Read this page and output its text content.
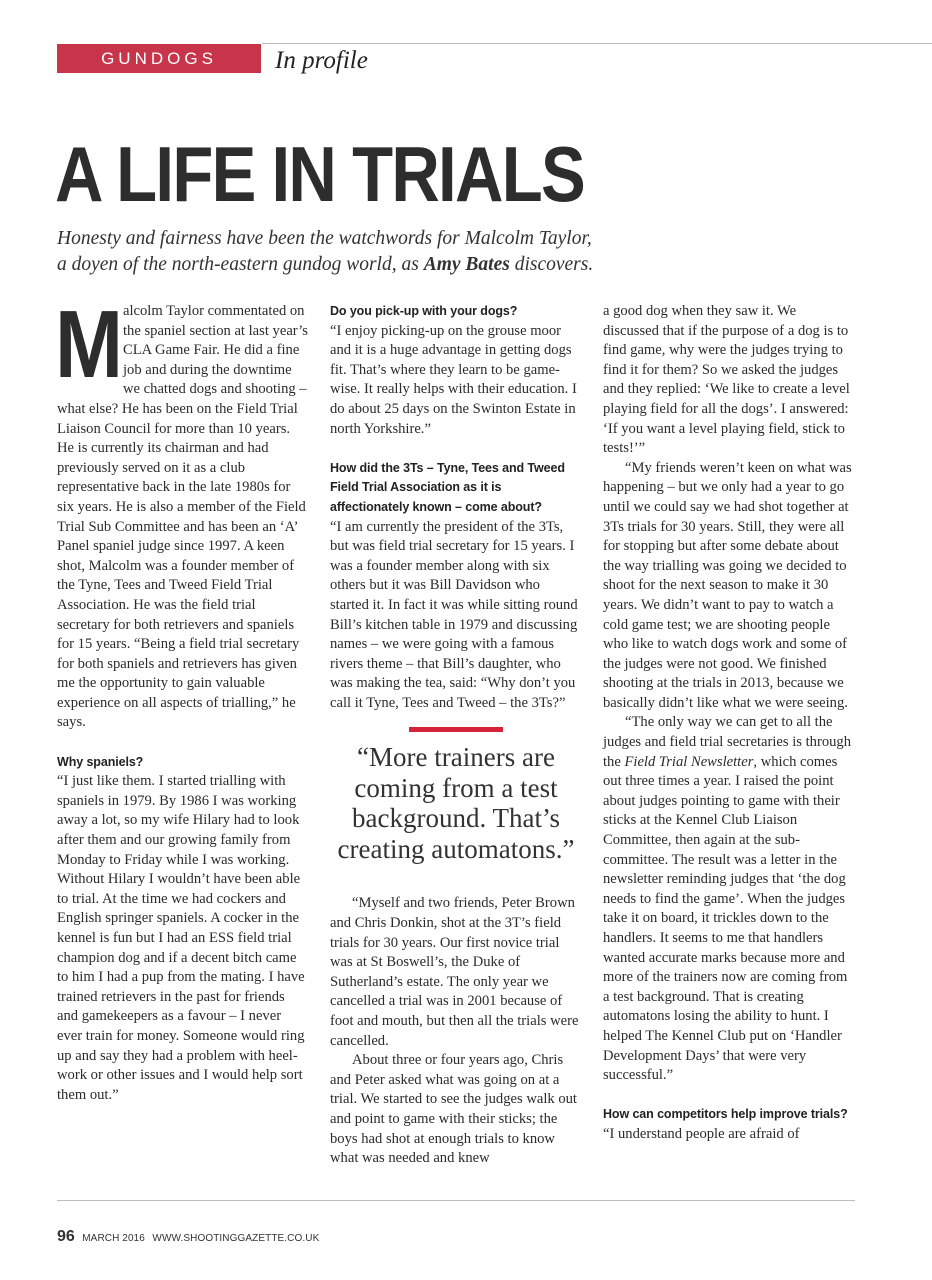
GUNDOGS	In profile
A LIFE IN TRIALS
Honesty and fairness have been the watchwords for Malcolm Taylor,
a doyen of the north-eastern gundog world, as Amy Bates discovers.
M alcolm Taylor commentated on the spaniel section at last year’s CLA Game Fair. He did a fine job and during the downtime we chatted dogs and shooting – what else? He has been on the Field Trial Liaison Council for more than 10 years. He is currently its chairman and had previously served on it as a club representative back in the late 1980s for six years. He is also a member of the Field Trial Sub Committee and has been an ‘A’ Panel spaniel judge since 1997. A keen shot, Malcolm was a founder member of the Tyne, Tees and Tweed Field Trial Association. He was the field trial secretary for both retrievers and spaniels for 15 years. “Being a field trial secretary for both spaniels and retrievers has given me the opportunity to gain valuable experience on all aspects of trialling,” he says.

Why spaniels?

“I just like them. I started trialling with spaniels in 1979. By 1986 I was working away a lot, so my wife Hilary had to look after them and our growing family from Monday to Friday while I was working. Without Hilary I wouldn’t have been able to trial. At the time we had cockers and English springer spaniels. A cocker in the kennel is fun but I had an ESS field trial champion dog and if a decent bitch came to him I had a pup from the mating. I have trained retrievers in the past for friends and gamekeepers as a favour – I never ever train for money. Someone would ring up and say they had a problem with heel-work or other issues and I would help sort them out.”

Do you pick-up with your dogs?

“I enjoy picking-up on the grouse moor and it is a huge advantage in getting dogs fit. That’s where they learn to be game-wise. It really helps with their education. I do about 25 days on the Swinton Estate in north Yorkshire.”

How did the 3Ts – Tyne, Tees and Tweed Field Trial Association as it is affectionately known – come about?

“I am currently the president of the 3Ts, but was field trial secretary for 15 years. I was a founder member along with six others but it was Bill Davidson who started it. In fact it was while sitting round Bill’s kitchen table in 1979 and discussing names – we were going with a famous rivers theme – that Bill’s daughter, who was making the tea, said: “Why don’t you call it Tyne, Tees and Tweed – the 3Ts?”

“More trainers are coming from a test background. That’s creating automatons.”

“Myself and two friends, Peter Brown and Chris Donkin, shot at the 3T’s field trials for 30 years. Our first novice trial was at St Boswell’s, the Duke of Sutherland’s estate. The only year we cancelled a trial was in 2001 because of foot and mouth, but then all the trials were cancelled.

About three or four years ago, Chris and Peter asked what was going on at a trial. We started to see the judges walk out and point to game with their sticks; the boys had shot at enough trials to know what was needed and knew

a good dog when they saw it. We discussed that if the purpose of a dog is to find game, why were the judges trying to find it for them? So we asked the judges and they replied: ‘We like to create a level playing field for all the dogs’. I answered: ‘If you want a level playing field, stick to tests!’”

“My friends weren’t keen on what was happening – but we only had a year to go until we could say we had shot together at 3Ts trials for 30 years. Still, they were all for stopping but after some debate about the way trialling was going we decided to shoot for the next season to make it 30 years. We didn’t want to pay to watch a cold game test; we are shooting people who like to watch dogs work and some of the judges were not good. We finished shooting at the trials in 2013, because we basically didn’t like what we were seeing.

“The only way we can get to all the judges and field trial secretaries is through the Field Trial Newsletter, which comes out three times a year. I raised the point about judges pointing to game with their sticks at the Kennel Club Liaison Committee, then again at the sub-committee. The result was a letter in the newsletter reminding judges that ‘the dog needs to find the game’. When the judges take it on board, it trickles down to the handlers. It seems to me that handlers wanted accurate marks because more and more of the trainers now are coming from a test background. That is creating automatons losing the ability to hunt. I helped The Kennel Club put on ‘Handler Development Days’ that were very successful.”

How can competitors help improve trials?

“I understand people are afraid of

96 MARCH 2016 WWW.SHOOTINGGAZETTE.CO.UK
